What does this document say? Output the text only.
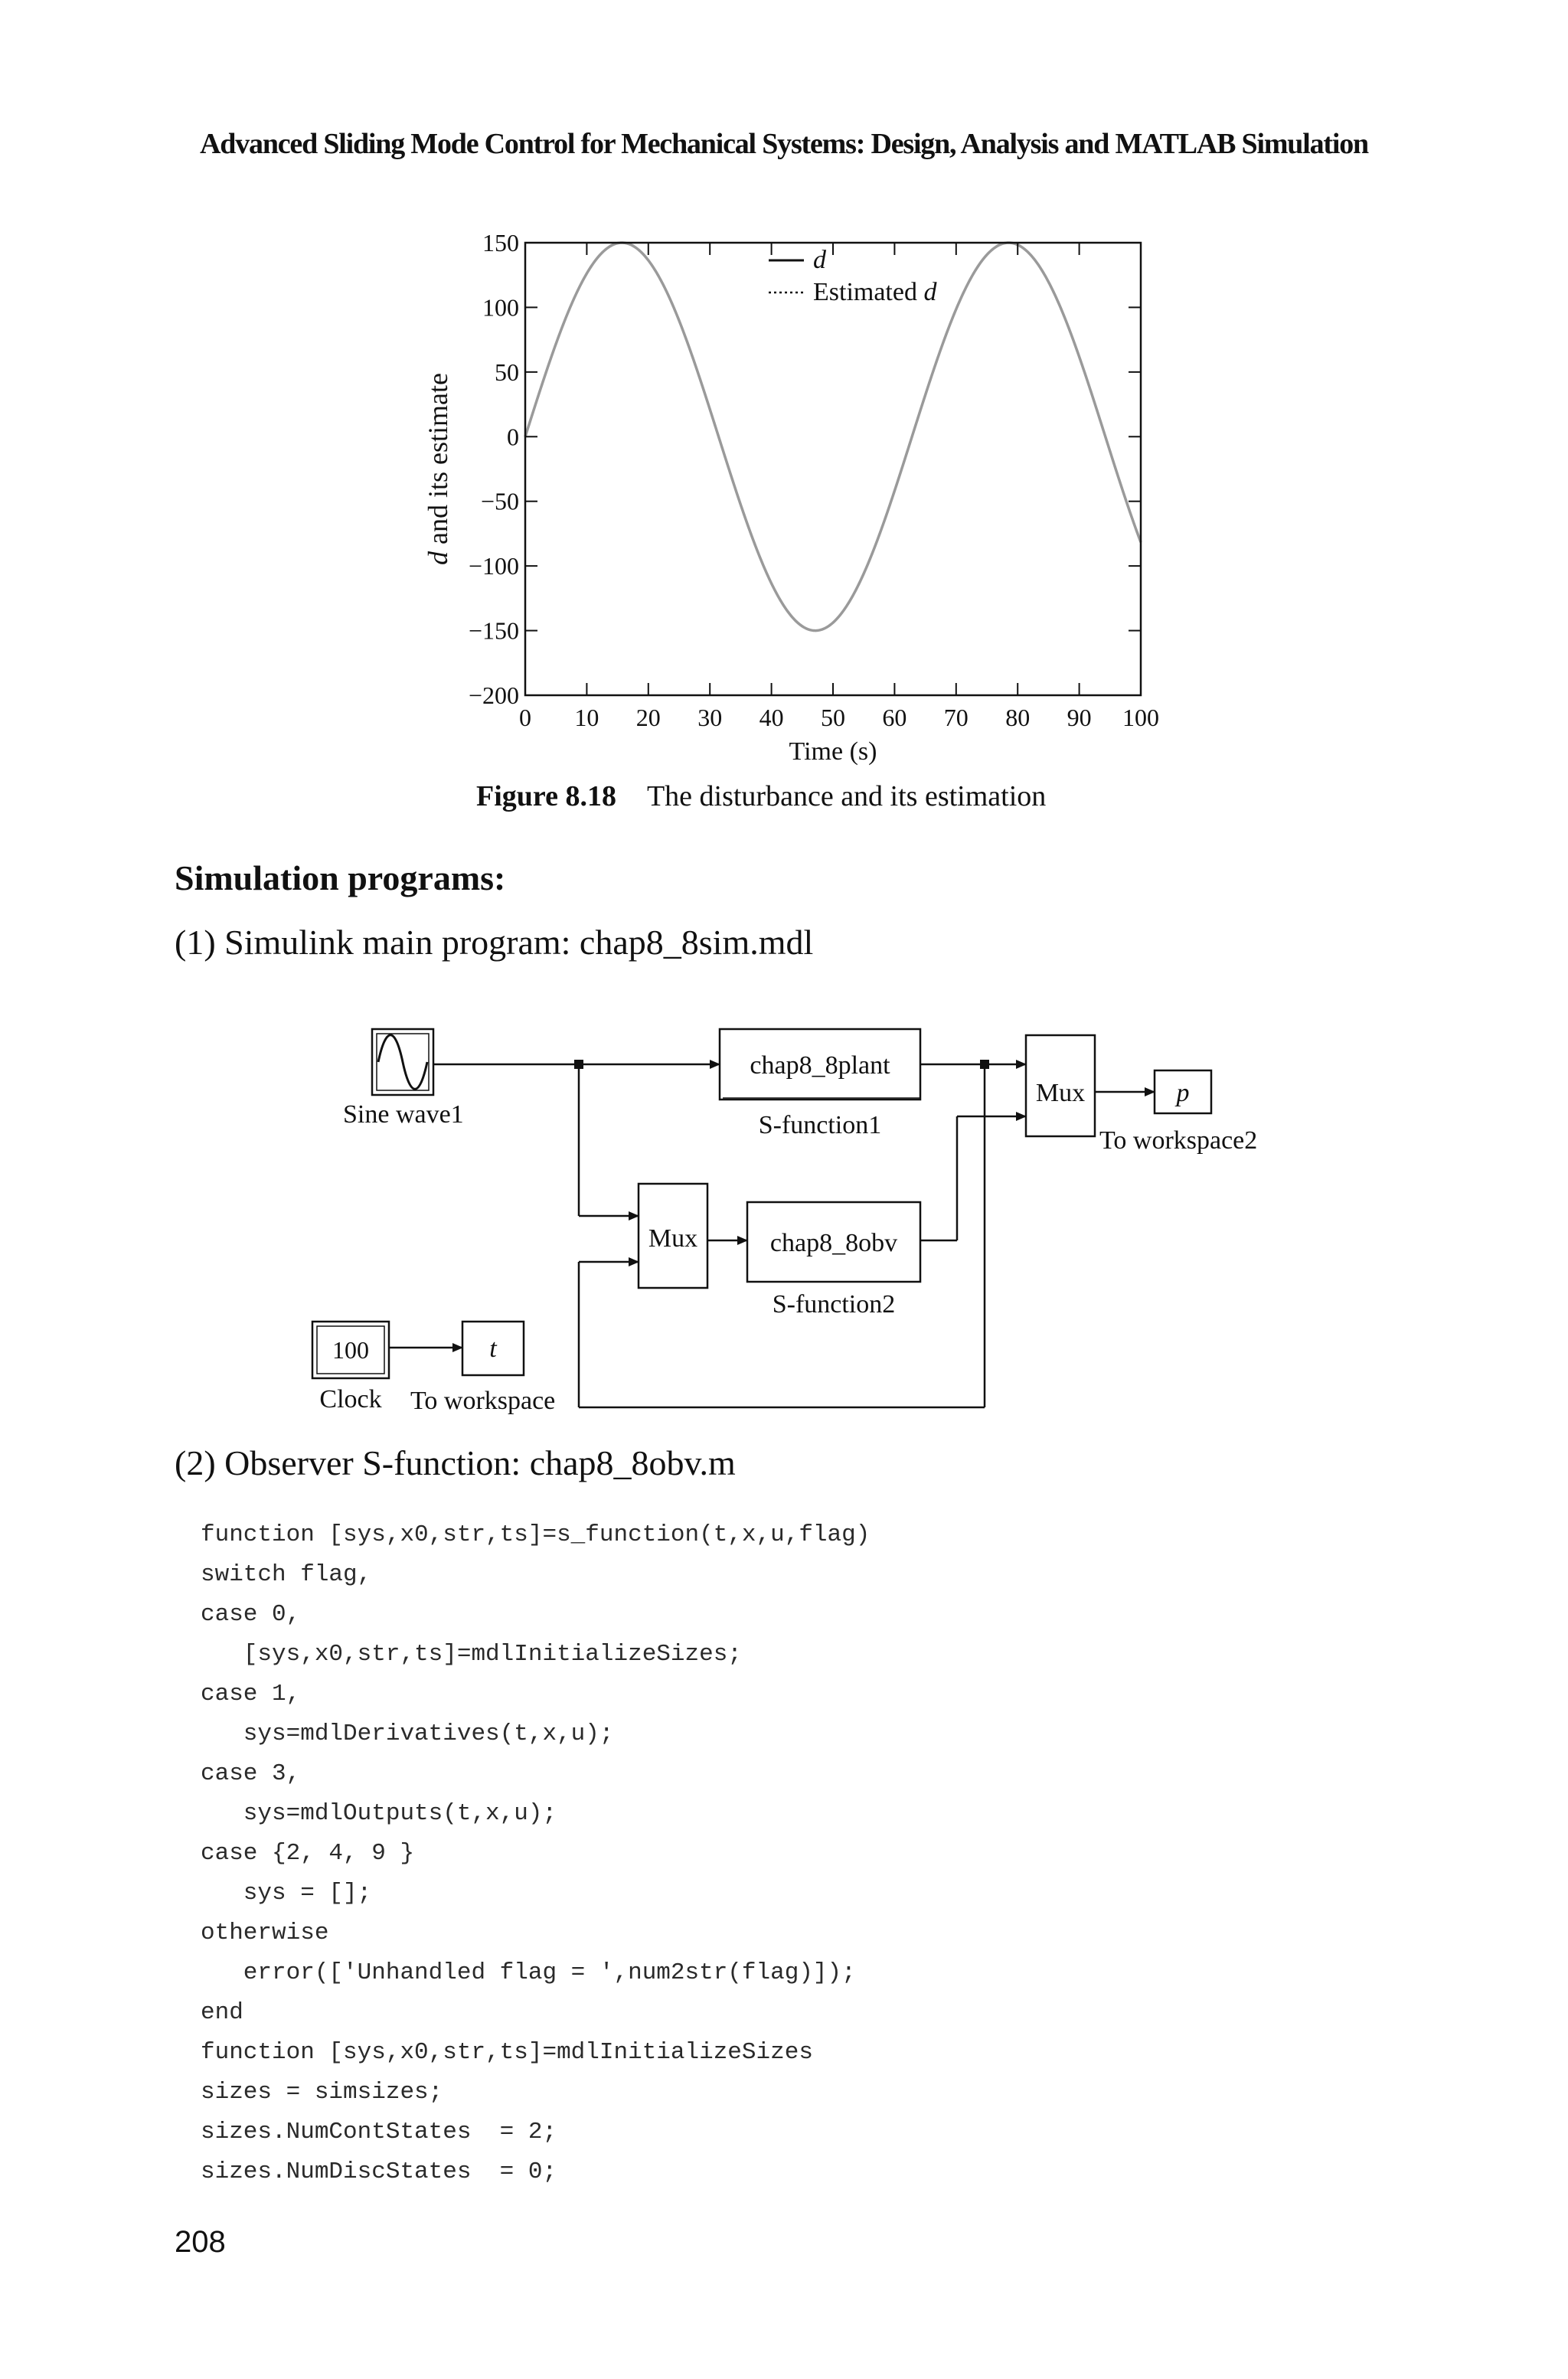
Advanced Sliding Mode Control for Mechanical Systems: Design, Analysis and MATLAB Simulation
0 10 20 30 40 50 60 70 80 90 100
150
100
50
0
−50
−100
−150
−200
Time (s)
d and its estimate
d
Estimated d
Figure 8.18 The disturbance and its estimation
Simulation programs:
(1) Simulink main program: chap8_8sim.mdl
Sine wave1
chap8_8plant
S-function1
Mux	p
To workspace2
Mux	chap8_8obv
S-function2
100
Clock
t
To workspace
(2) Observer S-function: chap8_8obv.m
function [sys,x0,str,ts]=s_function(t,x,u,flag)
switch flag,
case 0,
[sys,x0,str,ts]=mdlInitializeSizes;
case 1,
sys=mdlDerivatives(t,x,u);
case 3,
sys=mdlOutputs(t,x,u);
case {2, 4, 9 }
sys = [];
otherwise
error(['Unhandled flag = ',num2str(flag)]);
end
function [sys,x0,str,ts]=mdlInitializeSizes
sizes = simsizes;
sizes.NumContStates  = 2;
sizes.NumDiscStates  = 0;
208
